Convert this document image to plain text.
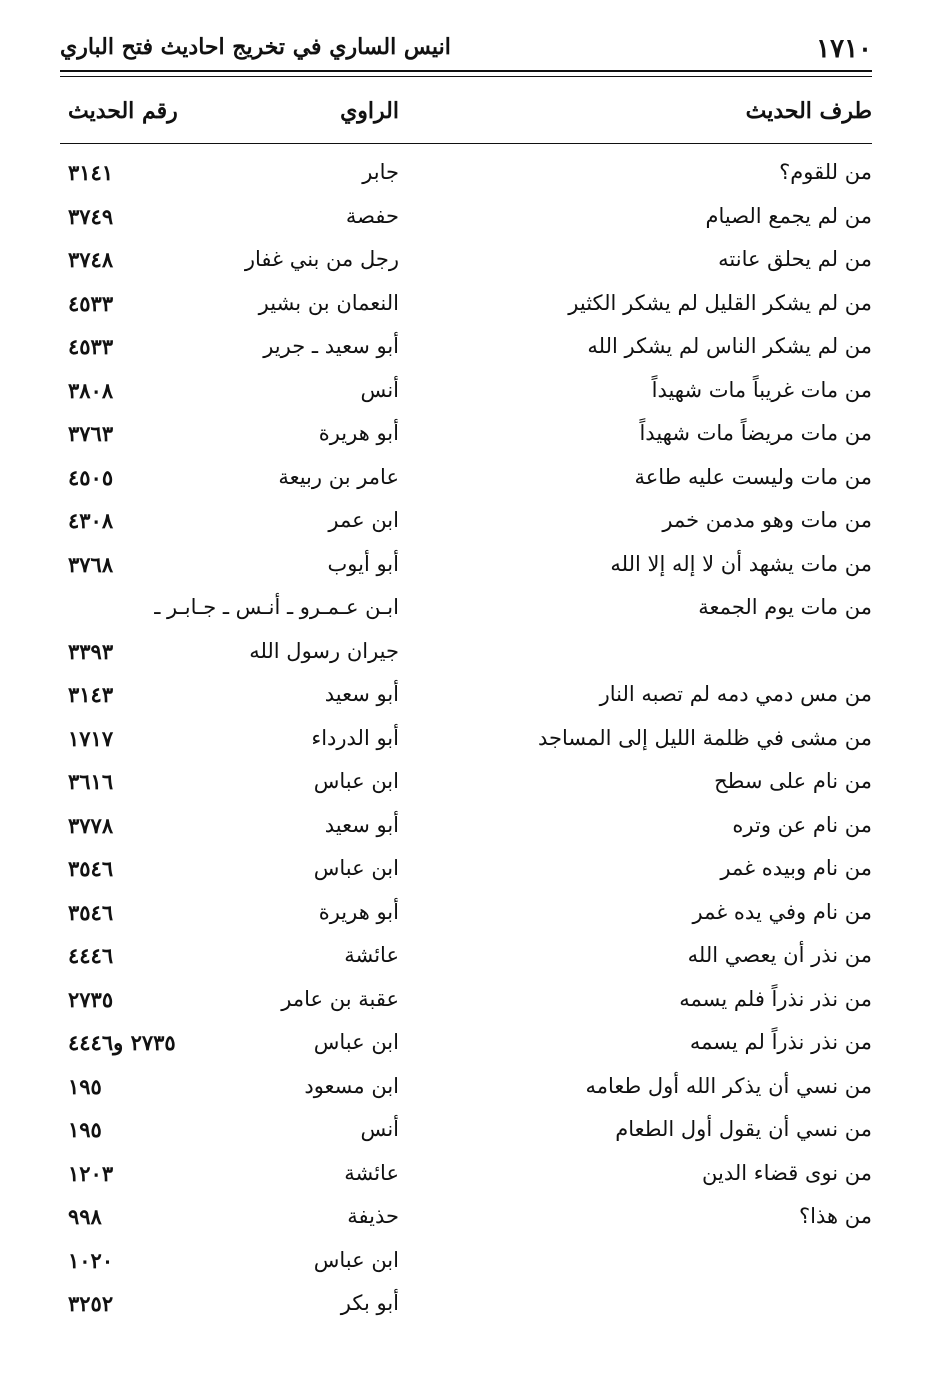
١٧١٠
انيس الساري في تخريج احاديث فتح الباري
طرف الحديث
الراوي
رقم الحديث
من للقوم؟
جابر
٣١٤١
من لم يجمع الصيام
حفصة
٣٧٤٩
من لم يحلق عانته
رجل من بني غفار
٣٧٤٨
من لم يشكر القليل لم يشكر الكثير
النعمان بن بشير
٤٥٣٣
من لم يشكر الناس لم يشكر الله
أبو سعيد ـ جرير
٤٥٣٣
من مات غريباً مات شهيداً
أنس
٣٨٠٨
من مات مريضاً مات شهيداً
أبو هريرة
٣٧٦٣
من مات وليست عليه طاعة
عامر بن ربيعة
٤٥٠٥
من مات وهو مدمن خمر
ابن عمر
٤٣٠٨
من مات يشهد أن لا إله إلا الله
أبو أيوب
٣٧٦٨
من مات يوم الجمعة
ابـن عـمـرو ـ أنـس ـ جـابـر ـ
جيران رسول الله
٣٣٩٣
من مس دمي دمه لم تصبه النار
أبو سعيد
٣١٤٣
من مشى في ظلمة الليل إلى المساجد
أبو الدرداء
١٧١٧
من نام على سطح
ابن عباس
٣٦١٦
من نام عن وتره
أبو سعيد
٣٧٧٨
من نام وبيده غمر
ابن عباس
٣٥٤٦
من نام وفي يده غمر
أبو هريرة
٣٥٤٦
من نذر أن يعصي الله
عائشة
٤٤٤٦
من نذر نذراً فلم يسمه
عقبة بن عامر
٢٧٣٥
من نذر نذراً لم يسمه
ابن عباس
٢٧٣٥ و٤٤٤٦
من نسي أن يذكر الله أول طعامه
ابن مسعود
١٩٥
من نسي أن يقول أول الطعام
أنس
١٩٥
من نوى قضاء الدين
عائشة
١٢٠٣
من هذا؟
حذيفة
٩٩٨
ابن عباس
١٠٢٠
أبو بكر
٣٢٥٢
